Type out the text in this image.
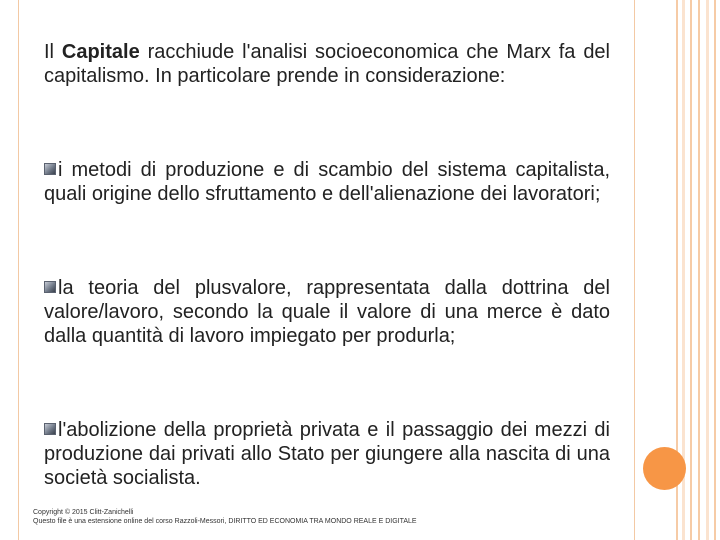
Il Capitale racchiude l'analisi socioeconomica che Marx fa del capitalismo. In particolare prende in considerazione:
i metodi di produzione e di scambio del sistema capitalista, quali origine dello sfruttamento e dell'alienazione dei lavoratori;
la teoria del plusvalore, rappresentata dalla dottrina del valore/lavoro, secondo la quale il valore di una merce è dato dalla quantità di lavoro impiegato per produrla;
l'abolizione della proprietà privata e il passaggio dei mezzi di produzione dai privati allo Stato per giungere alla nascita di una società socialista.
Copyright © 2015 Clitt-Zanichelli
Questo file è una estensione online del corso Razzoli-Messori, DIRITTO ED ECONOMIA TRA MONDO REALE E DIGITALE
